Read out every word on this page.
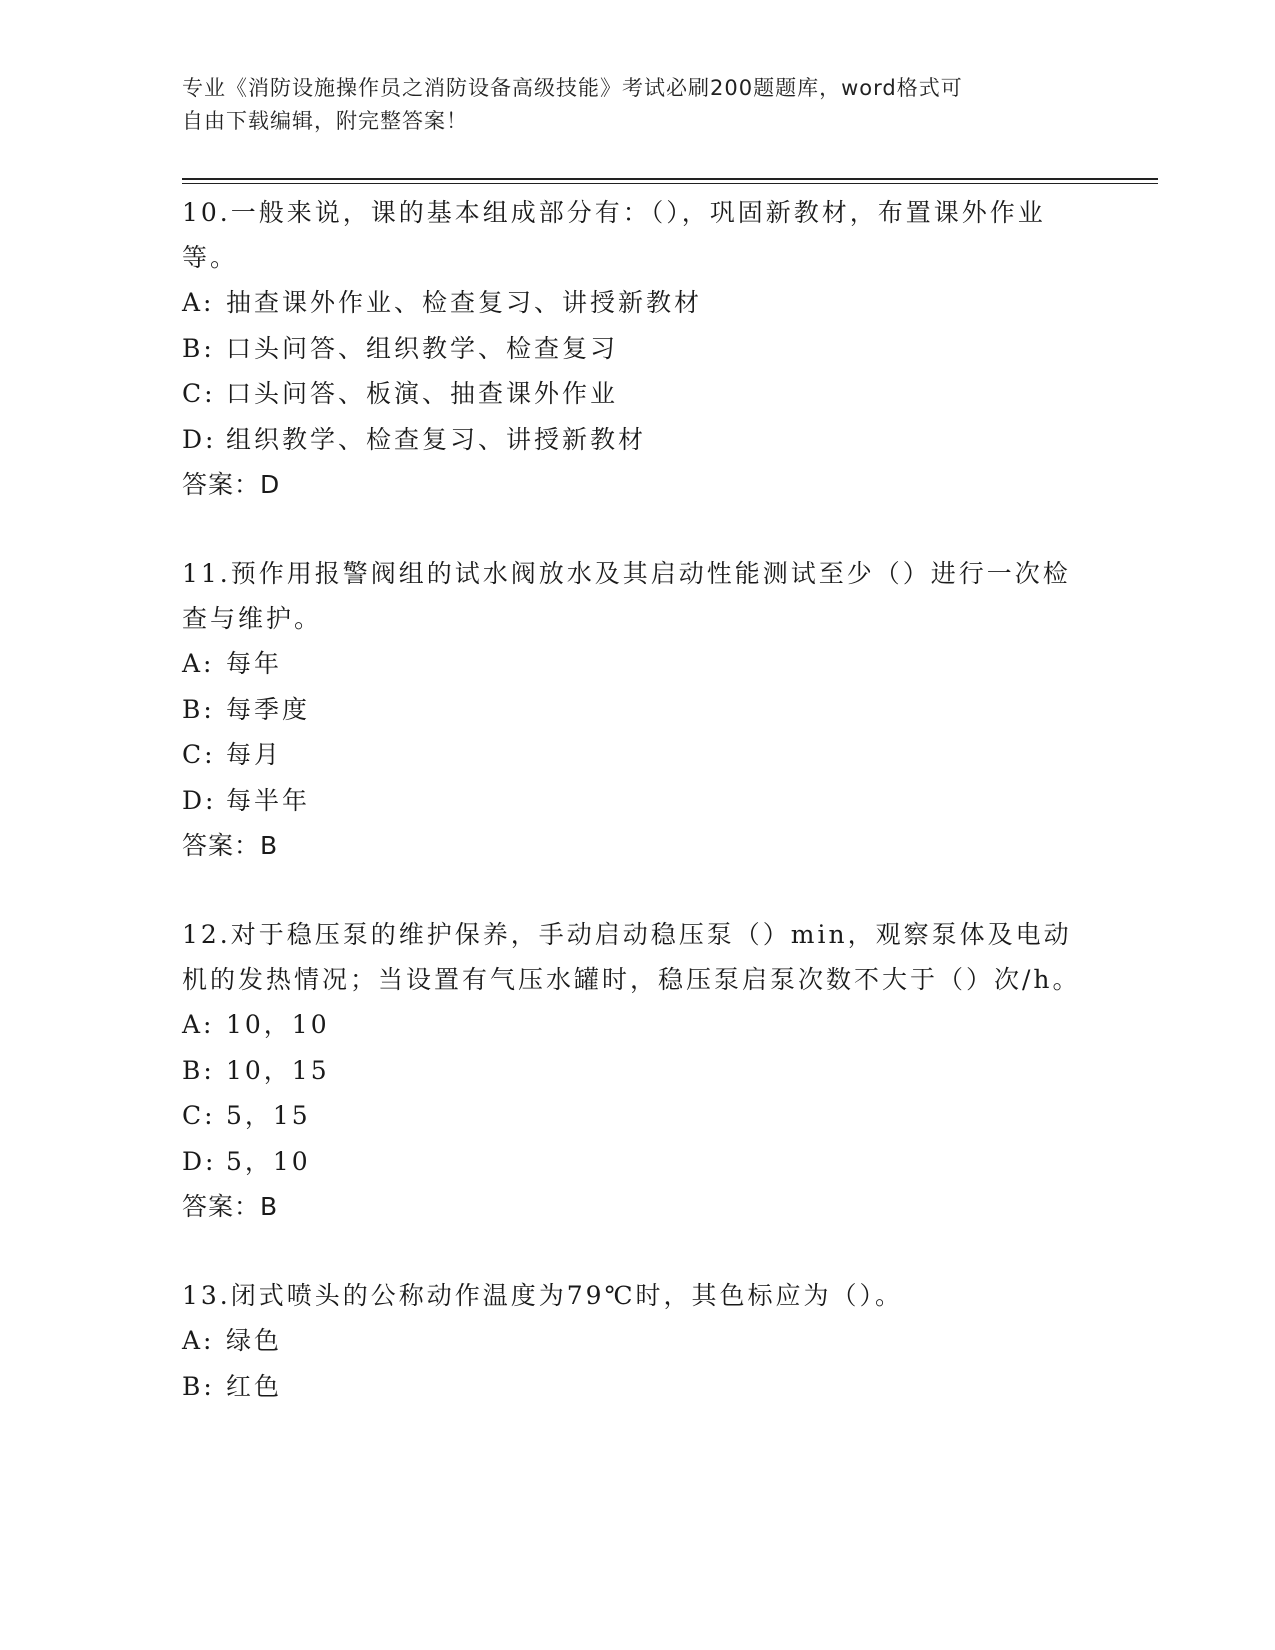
专业《消防设施操作员之消防设备高级技能》考试必刷200题题库，word格式可
自由下载编辑，附完整答案！

10.一般来说，课的基本组成部分有：（），巩固新教材，布置课外作业等。

A: 抽查课外作业、检查复习、讲授新教材

B: 口头问答、组织教学、检查复习

C: 口头问答、板演、抽查课外作业

D: 组织教学、检查复习、讲授新教材

答案：D

11.预作用报警阀组的试水阀放水及其启动性能测试至少（）进行一次检查与维护。

A: 每年

B: 每季度

C: 每月

D: 每半年

答案：B

12.对于稳压泵的维护保养，手动启动稳压泵（）min，观察泵体及电动机的发热情况；当设置有气压水罐时，稳压泵启泵次数不大于（）次/h。

A: 10，10

B: 10，15

C: 5，15

D: 5，10

答案：B

13.闭式喷头的公称动作温度为79℃时，其色标应为（）。

A: 绿色

B: 红色
